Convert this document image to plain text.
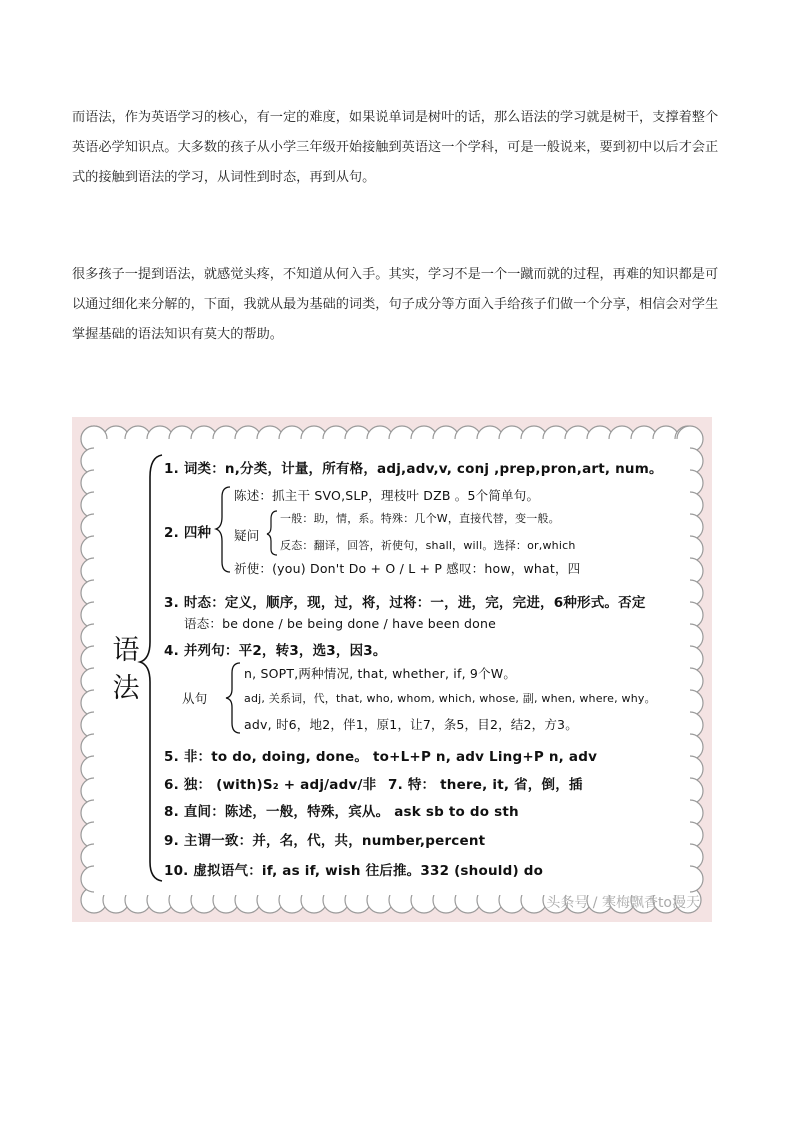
而语法，作为英语学习的核心，有一定的难度，如果说单词是树叶的话，那么语法的学习就是树干，支撑着整个
英语必学知识点。大多数的孩子从小学三年级开始接触到英语这一个学科，可是一般说来，要到初中以后才会正
式的接触到语法的学习，从词性到时态，再到从句。

很多孩子一提到语法，就感觉头疼，不知道从何入手。其实，学习不是一个一蹴而就的过程，再难的知识都是可
以通过细化来分解的，下面，我就从最为基础的词类，句子成分等方面入手给孩子们做一个分享，相信会对学生
掌握基础的语法知识有莫大的帮助。

语法
1. 词类：n,分类，计量，所有格，adj,adv,v, conj ,prep,pron,art, num。
2. 四种
陈述：抓主干 SVO,SLP，理枝叶 DZB 。5个简单句。
疑问
一般：助，情，系。特殊：几个W，直接代替，变一般。
反态：翻译，回答，祈使句，shall，will。选择：or,which
祈使：(you) Don't Do + O / L + P 感叹：how，what，四
3. 时态：定义，顺序，现，过，将，过将：一，进，完，完进，6种形式。否定
语态：be done / be being done / have been done
4. 并列句：平2，转3，选3，因3。
从句
n, SOPT,两种情况, that, whether, if, 9个W。
adj, 关系词，代，that, who, whom, which, whose, 副, when, where, why。
adv, 时6，地2，伴1，原1，让7，条5，目2，结2，方3。
5. 非：to do, doing, done。 to+L+P n, adv Ling+P n, adv
6. 独： (with)S₂ + adj/adv/非 7. 特： there, it, 省，倒，插
8. 直间：陈述，一般，特殊，宾从。 ask sb to do sth
9. 主谓一致：并，名，代，共，number,percent
10. 虚拟语气：if, as if, wish 往后推。332 (should) do
头条号 / 寒梅飘香to漫天
